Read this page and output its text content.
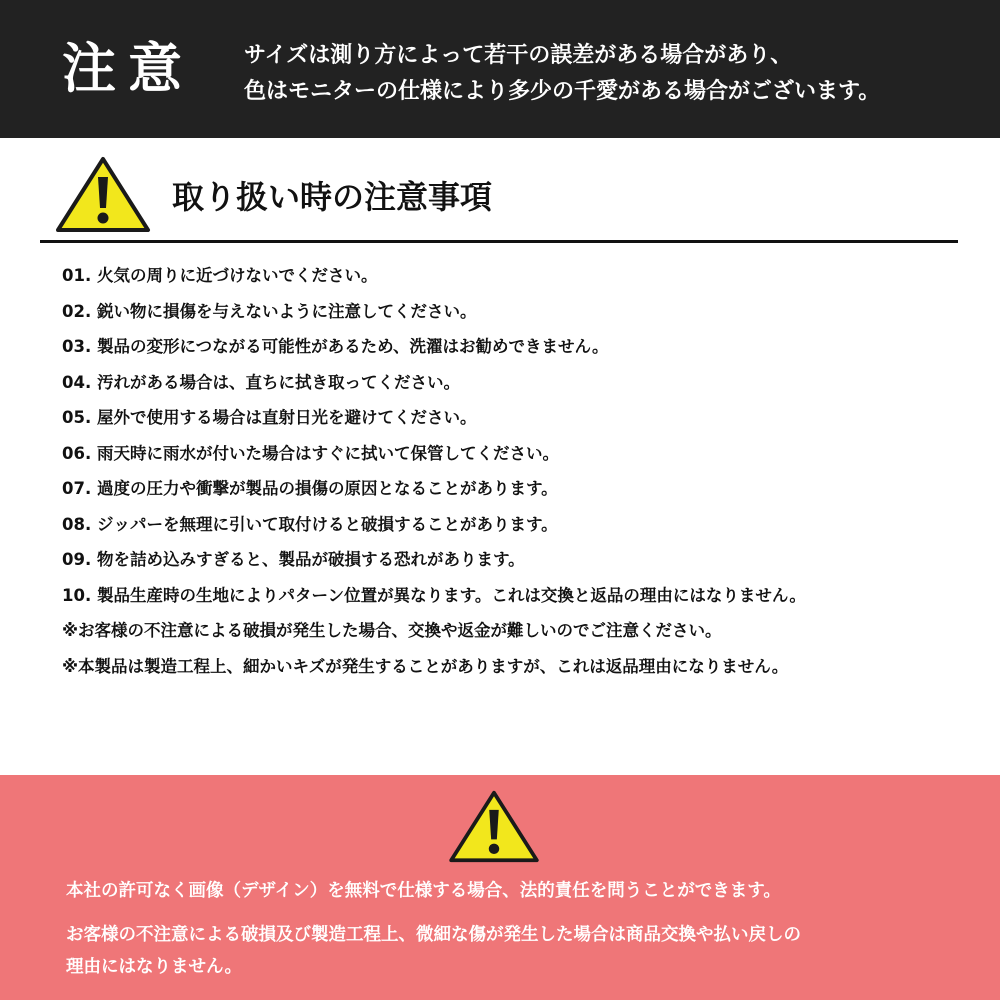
注意 サイズは測り方によって若干の誤差がある場合があり、
色はモニターの仕様により多少の千愛がある場合がございます。
取り扱い時の注意事項
01. 火気の周りに近づけないでください。
02. 鋭い物に損傷を与えないように注意してください。
03. 製品の変形につながる可能性があるため、洗濯はお勧めできません。
04. 汚れがある場合は、直ちに拭き取ってください。
05. 屋外で使用する場合は直射日光を避けてください。
06. 雨天時に雨水が付いた場合はすぐに拭いて保管してください。
07. 過度の圧力や衝撃が製品の損傷の原因となることがあります。
08. ジッパーを無理に引いて取付けると破損することがあります。
09. 物を詰め込みすぎると、製品が破損する恐れがあります。
10. 製品生産時の生地によりパターン位置が異なります。これは交換と返品の理由にはなりません。
※お客様の不注意による破損が発生した場合、交換や返金が難しいのでご注意ください。
※本製品は製造工程上、細かいキズが発生することがありますが、これは返品理由になりません。
本社の許可なく画像（デザイン）を無料で仕様する場合、法的責任を問うことができます。
お客様の不注意による破損及び製造工程上、微細な傷が発生した場合は商品交換や払い戻しの
理由にはなりません。
